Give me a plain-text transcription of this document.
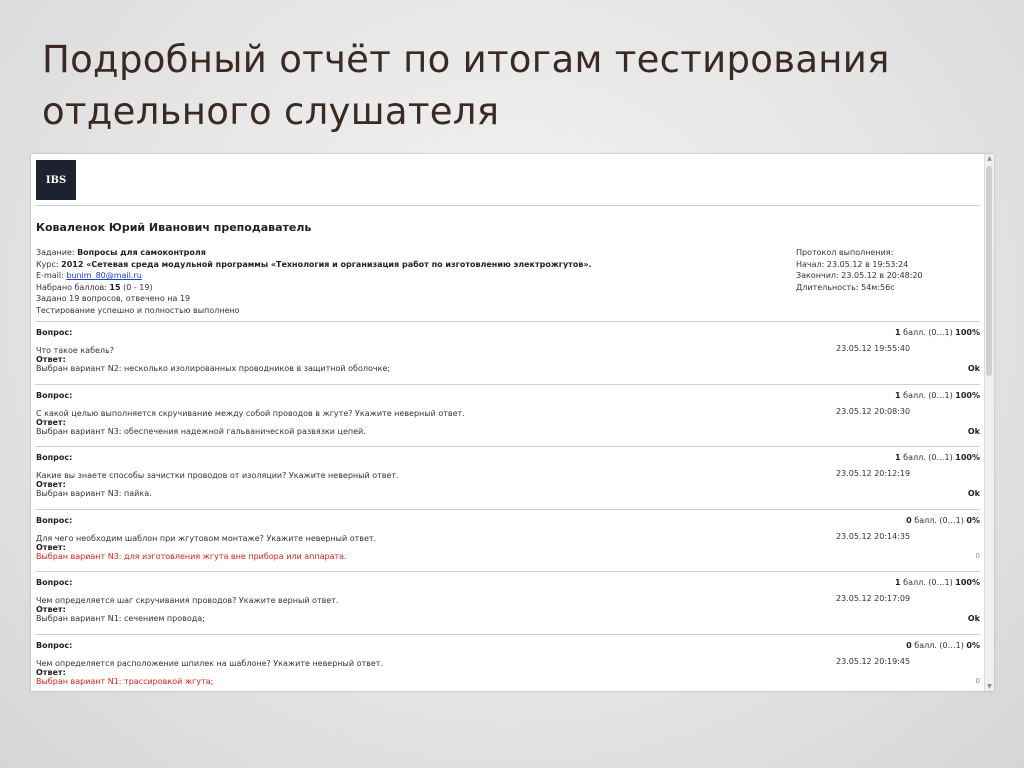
Подробный отчёт по итогам тестирования
отдельного слушателя
IBS
Коваленок Юрий Иванович преподаватель
Задание: Вопросы для самоконтроля
Курс: 2012 «Сетевая среда модульной программы «Технология и организация работ по изготовлению электрожгутов».
E-mail: bunim_80@mail.ru
Набрано баллов: 15 (0 - 19)
Задано 19 вопросов, отвечено на 19
Тестирование успешно и полностью выполнено
Протокол выполнения:
Начал: 23.05.12 в 19:53:24
Закончил: 23.05.12 в 20:48:20
Длительность: 54м:56с
Вопрос:	1 балл. (0…1) 100%
23.05.12 19:55:40
Что такое кабель?
Ответ:
Выбран вариант N2: несколько изолированных проводников в защитной оболочке;	Ok
Вопрос:	1 балл. (0…1) 100%
23.05.12 20:08:30
С какой целью выполняется скручивание между собой проводов в жгуте? Укажите неверный ответ.
Ответ:
Выбран вариант N3: обеспечения надежной гальванической развязки цепей.	Ok
Вопрос:	1 балл. (0…1) 100%
23.05.12 20:12:19
Какие вы знаете способы зачистки проводов от изоляции? Укажите неверный ответ.
Ответ:
Выбран вариант N3: пайка.	Ok
Вопрос:	0 балл. (0…1) 0%
23.05.12 20:14:35
Для чего необходим шаблон при жгутовом монтаже? Укажите неверный ответ.
Ответ:
Выбран вариант N3: для изготовления жгута вне прибора или аппарата.	0
Вопрос:	1 балл. (0…1) 100%
23.05.12 20:17:09
Чем определяется шаг скручивания проводов? Укажите верный ответ.
Ответ:
Выбран вариант N1: сечением провода;	Ok
Вопрос:	0 балл. (0…1) 0%
23.05.12 20:19:45
Чем определяется расположение шпилек на шаблоне? Укажите неверный ответ.
Ответ:
Выбран вариант N1: трассировкой жгута;	0
▲
▼
